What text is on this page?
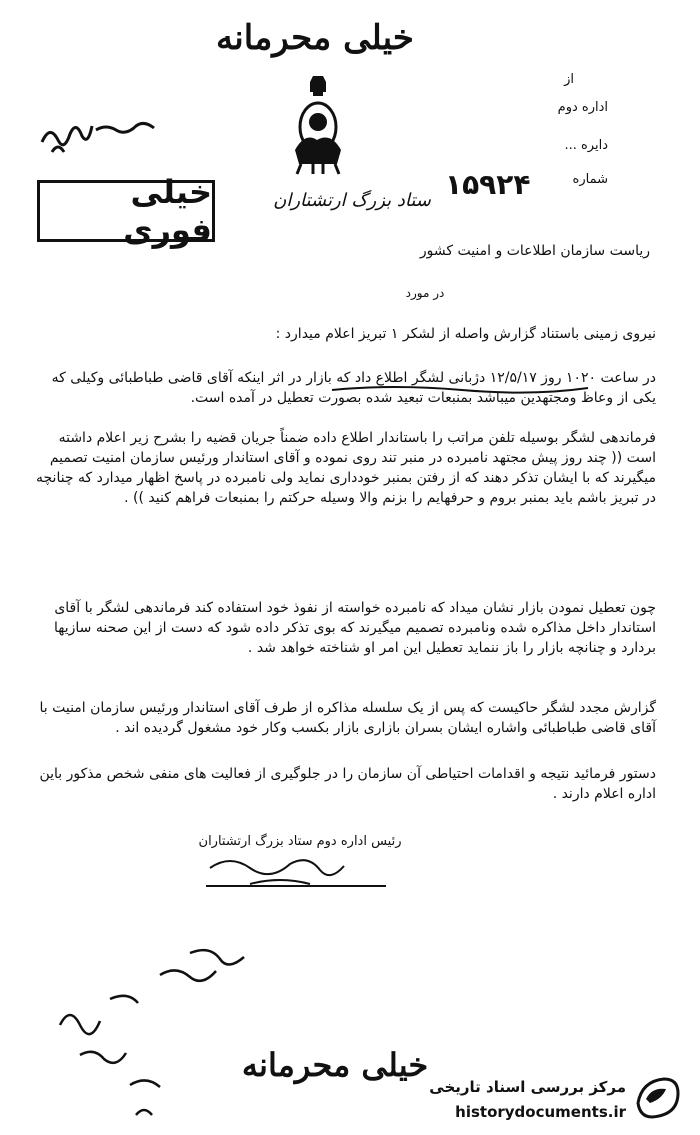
خیلی محرمانه
ستاد بزرگ ارتشتاران
خیلی فوری
از
اداره دوم
دایره ...
شماره
۱۵۹۲۴
ریاست سازمان اطلاعات و امنیت کشور
در مورد
نیروی زمینی باستناد گزارش واصله از لشکر ۱ تبریز اعلام میدارد :
در ساعت ۱۰۲۰ روز ۱۲/۵/۱۷ دژبانی لشگر اطلاع داد که بازار در اثر اینکه آقای قاضی طباطبائی وکیلی که یکی از وعاظ ومجتهدین میباشد بمنبعات تبعید شده بصورت تعطیل در آمده است.
فرماندهی لشگر بوسیله تلفن مراتب را باستاندار اطلاع داده ضمناً جریان قضیه را بشرح زیر اعلام داشته است (( چند روز پیش مجتهد نامبرده در منبر تند روی نموده و آقای استاندار ورئیس سازمان امنیت تصمیم میگیرند که با ایشان تذکر دهند که از رفتن بمنبر خودداری نماید ولی نامبرده در پاسخ اظهار میدارد که چنانچه در تبریز باشم باید بمنبر بروم و حرفهایم را بزنم والا وسیله حرکتم را بمنبعات فراهم کنید )) .
چون تعطیل نمودن بازار نشان میداد که نامبرده خواسته از نفوذ خود استفاده کند فرماندهی لشگر با آقای استاندار داخل مذاکره شده ونامبرده تصمیم میگیرند که بوی تذکر داده شود که دست از این صحنه سازیها بردارد و چنانچه بازار را باز ننماید تعطیل این امر او شناخته خواهد شد .
گزارش مجدد لشگر حاکیست که پس از یک سلسله مذاکره از طرف آقای استاندار ورئیس سازمان امنیت با آقای قاضی طباطبائی واشاره ایشان بسران بازاری بازار بکسب وکار خود مشغول گردیده اند .
دستور فرمائید نتیجه و اقدامات احتیاطی آن سازمان را در جلوگیری از فعالیت های منفی شخص مذکور باین اداره اعلام دارند .
رئیس اداره دوم ستاد بزرگ ارتشتاران
خیلی محرمانه
مرکز بررسی اسناد تاریخی
historydocuments.ir
